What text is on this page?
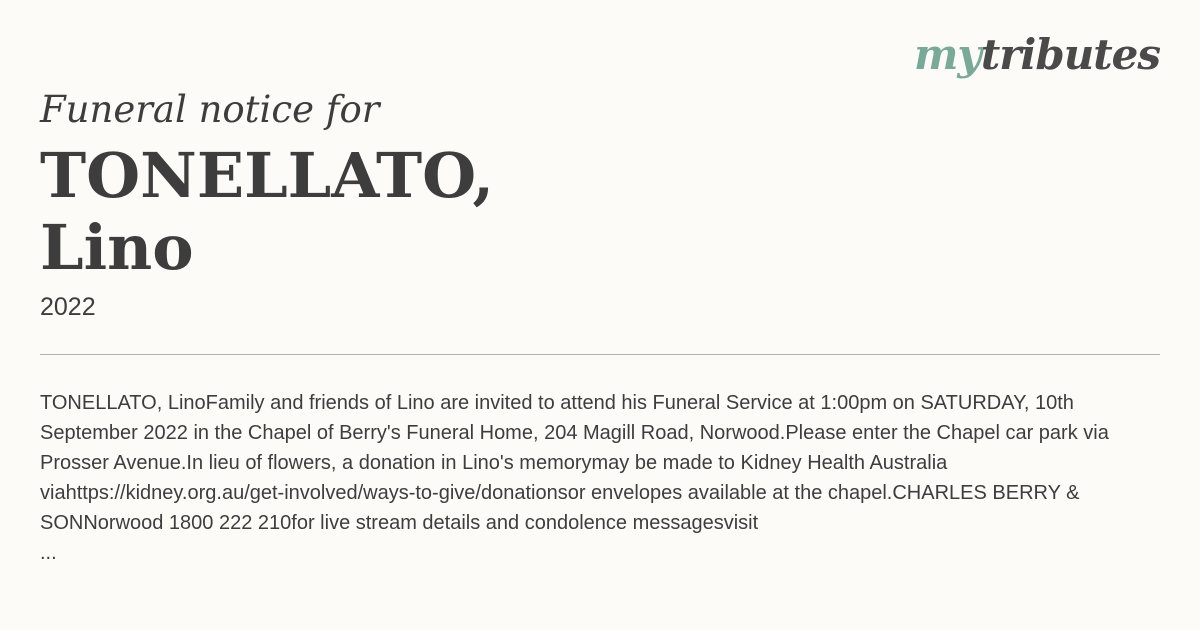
mytributes
Funeral notice for
TONELLATO,
Lino
2022

TONELLATO, LinoFamily and friends of Lino are invited to attend his Funeral Service at 1:00pm on SATURDAY, 10th September 2022 in the Chapel of Berry's Funeral Home, 204 Magill Road, Norwood.Please enter the Chapel car park via Prosser Avenue.In lieu of flowers, a donation in Lino's memorymay be made to Kidney Health Australia viahttps://kidney.org.au/get-involved/ways-to-give/donationsor envelopes available at the chapel.CHARLES BERRY & SONNorwood 1800 222 210for live stream details and condolence messagesvisit

...
